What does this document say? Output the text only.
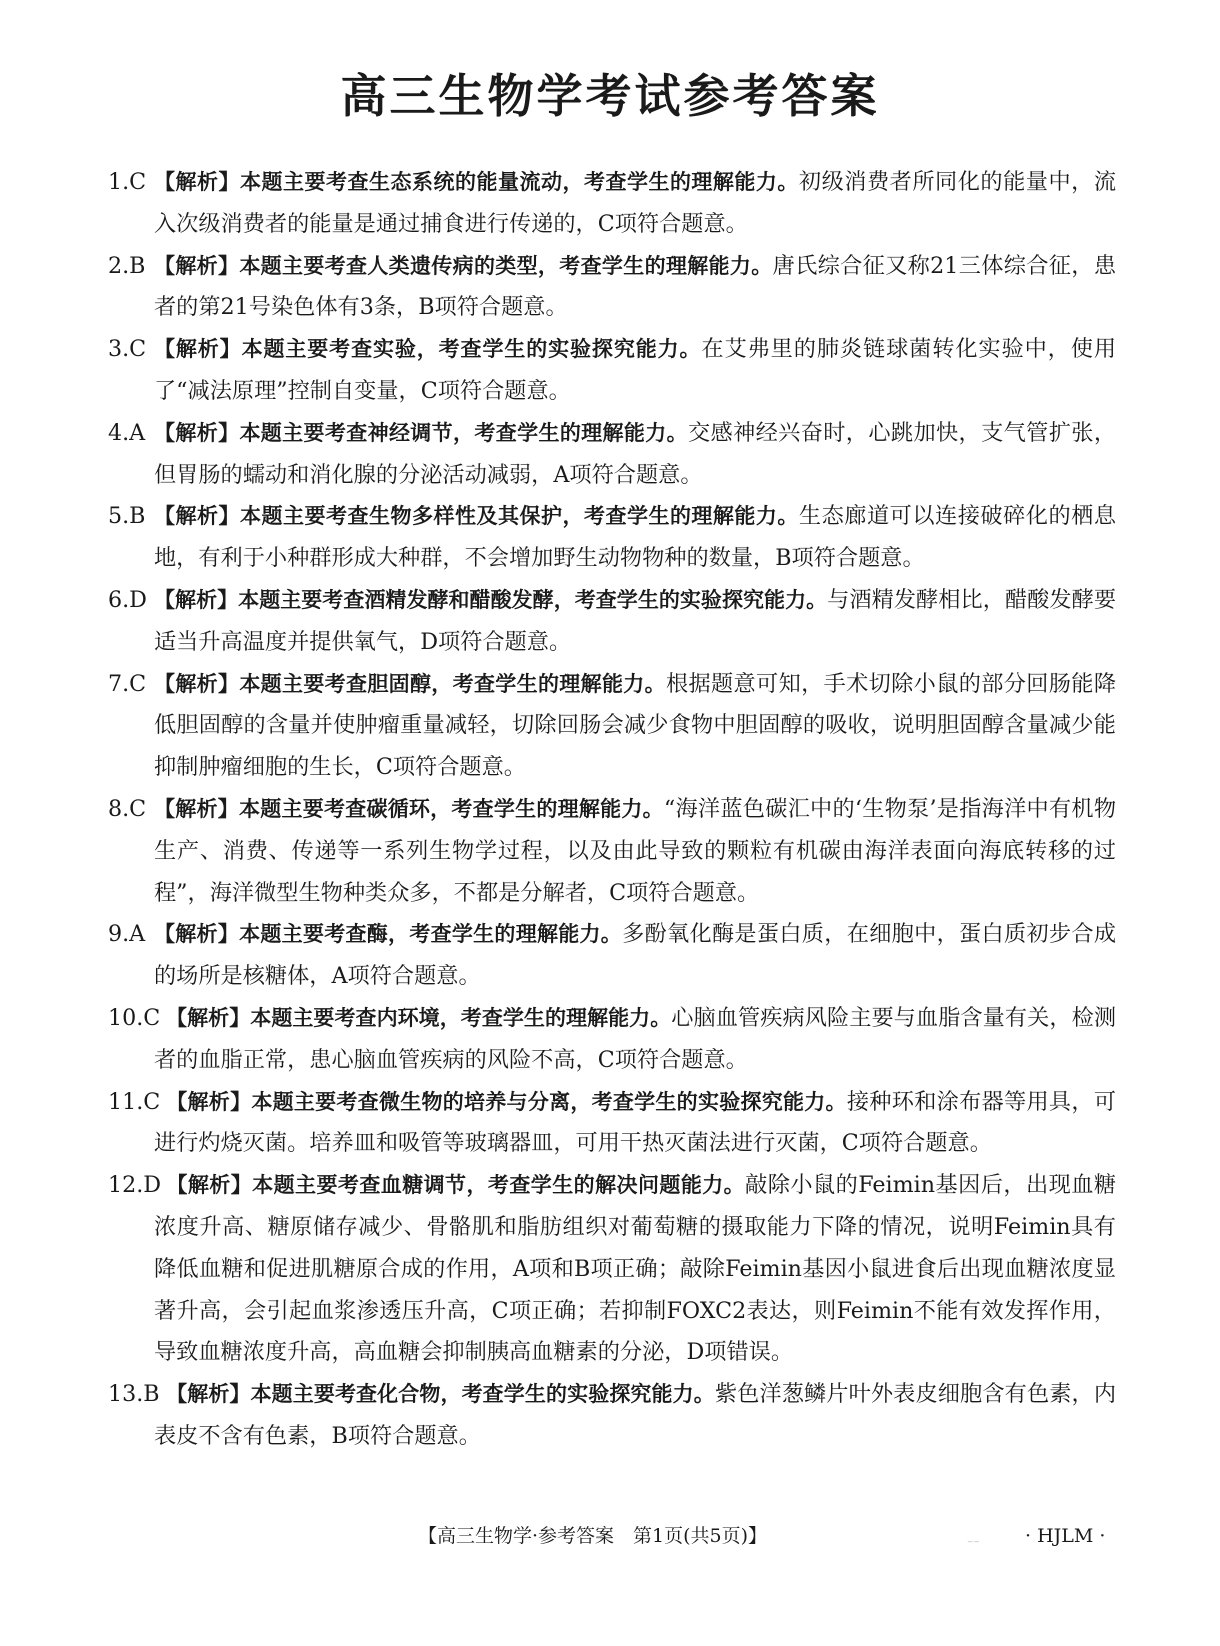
高三生物学考试参考答案
1.C 【解析】本题主要考查生态系统的能量流动，考查学生的理解能力。初级消费者所同化的能量中，流入次级消费者的能量是通过捕食进行传递的，C项符合题意。
2.B 【解析】本题主要考查人类遗传病的类型，考查学生的理解能力。唐氏综合征又称21三体综合征，患者的第21号染色体有3条，B项符合题意。
3.C 【解析】本题主要考查实验，考查学生的实验探究能力。在艾弗里的肺炎链球菌转化实验中，使用了“减法原理”控制自变量，C项符合题意。
4.A 【解析】本题主要考查神经调节，考查学生的理解能力。交感神经兴奋时，心跳加快，支气管扩张，但胃肠的蠕动和消化腺的分泌活动减弱，A项符合题意。
5.B 【解析】本题主要考查生物多样性及其保护，考查学生的理解能力。生态廊道可以连接破碎化的栖息地，有利于小种群形成大种群，不会增加野生动物物种的数量，B项符合题意。
6.D 【解析】本题主要考查酒精发酵和醋酸发酵，考查学生的实验探究能力。与酒精发酵相比，醋酸发酵要适当升高温度并提供氧气，D项符合题意。
7.C 【解析】本题主要考查胆固醇，考查学生的理解能力。根据题意可知，手术切除小鼠的部分回肠能降低胆固醇的含量并使肿瘤重量减轻，切除回肠会减少食物中胆固醇的吸收，说明胆固醇含量减少能抑制肿瘤细胞的生长，C项符合题意。
8.C 【解析】本题主要考查碳循环，考查学生的理解能力。“海洋蓝色碳汇中的‘生物泵’是指海洋中有机物生产、消费、传递等一系列生物学过程，以及由此导致的颗粒有机碳由海洋表面向海底转移的过程”，海洋微型生物种类众多，不都是分解者，C项符合题意。
9.A 【解析】本题主要考查酶，考查学生的理解能力。多酚氧化酶是蛋白质，在细胞中，蛋白质初步合成的场所是核糖体，A项符合题意。
10.C 【解析】本题主要考查内环境，考查学生的理解能力。心脑血管疾病风险主要与血脂含量有关，检测者的血脂正常，患心脑血管疾病的风险不高，C项符合题意。
11.C 【解析】本题主要考查微生物的培养与分离，考查学生的实验探究能力。接种环和涂布器等用具，可进行灼烧灭菌。培养皿和吸管等玻璃器皿，可用干热灭菌法进行灭菌，C项符合题意。
12.D 【解析】本题主要考查血糖调节，考查学生的解决问题能力。敲除小鼠的Feimin基因后，出现血糖浓度升高、糖原储存减少、骨骼肌和脂肪组织对葡萄糖的摄取能力下降的情况，说明Feimin具有降低血糖和促进肌糖原合成的作用，A项和B项正确；敲除Feimin基因小鼠进食后出现血糖浓度显著升高，会引起血浆渗透压升高，C项正确；若抑制FOXC2表达，则Feimin不能有效发挥作用，导致血糖浓度升高，高血糖会抑制胰高血糖素的分泌，D项错误。
13.B 【解析】本题主要考查化合物，考查学生的实验探究能力。紫色洋葱鳞片叶外表皮细胞含有色素，内表皮不含有色素，B项符合题意。
【高三生物学·参考答案　第1页(共5页)】	⁻⁻ · HJLM ·
